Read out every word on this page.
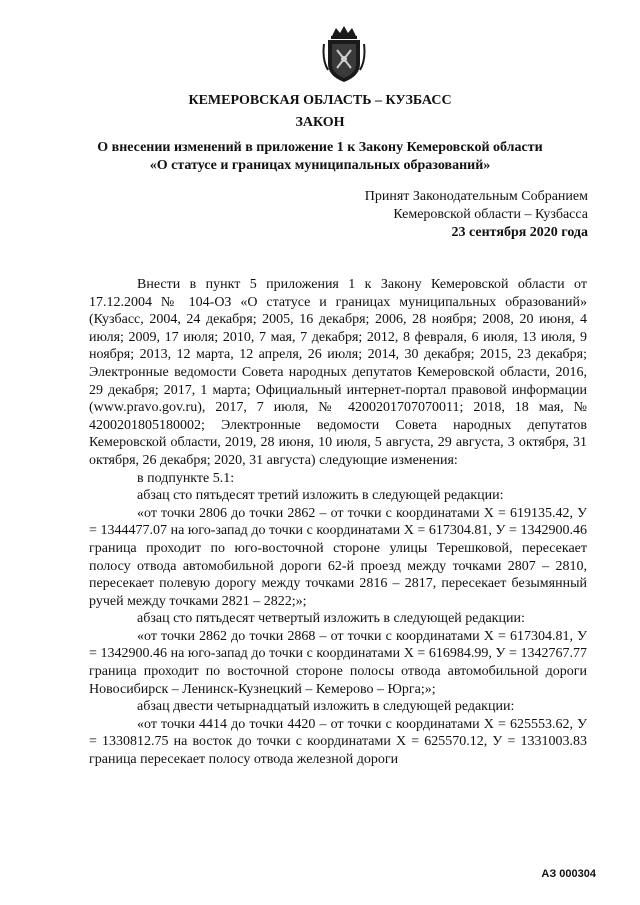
КЕМЕРОВСКАЯ ОБЛАСТЬ – КУЗБАСС
ЗАКОН
О внесении изменений в приложение 1 к Закону Кемеровской области
«О статусе и границах муниципальных образований»
Принят Законодательным Собранием
Кемеровской области – Кузбасса
23 сентября 2020 года

Внести в пункт 5 приложения 1 к Закону Кемеровской области от 17.12.2004 № 104-ОЗ «О статусе и границах муниципальных образований» (Кузбасс, 2004, 24 декабря; 2005, 16 декабря; 2006, 28 ноября; 2008, 20 июня, 4 июля; 2009, 17 июля; 2010, 7 мая, 7 декабря; 2012, 8 февраля, 6 июля, 13 июля, 9 ноября; 2013, 12 марта, 12 апреля, 26 июля; 2014, 30 декабря; 2015, 23 декабря; Электронные ведомости Совета народных депутатов Кемеровской области, 2016, 29 декабря; 2017, 1 марта; Официальный интернет-портал правовой информации (www.pravo.gov.ru), 2017, 7 июля, № 4200201707070011; 2018, 18 мая, № 4200201805180002; Электронные ведомости Совета народных депутатов Кемеровской области, 2019, 28 июня, 10 июля, 5 августа, 29 августа, 3 октября, 31 октября, 26 декабря; 2020, 31 августа) следующие изменения:

в подпункте 5.1:

абзац сто пятьдесят третий изложить в следующей редакции:

«от точки 2806 до точки 2862 – от точки с координатами X = 619135.42, У = 1344477.07 на юго-запад до точки с координатами X = 617304.81, У = 1342900.46 граница проходит по юго-восточной стороне улицы Терешковой, пересекает полосу отвода автомобильной дороги 62-й проезд между точками 2807 – 2810, пересекает полевую дорогу между точками 2816 – 2817, пересекает безымянный ручей между точками 2821 – 2822;»;

абзац сто пятьдесят четвертый изложить в следующей редакции:

«от точки 2862 до точки 2868 – от точки с координатами X = 617304.81, У = 1342900.46 на юго-запад до точки с координатами X = 616984.99, У = 1342767.77 граница проходит по восточной стороне полосы отвода автомобильной дороги Новосибирск – Ленинск-Кузнецкий – Кемерово – Юрга;»;

абзац двести четырнадцатый изложить в следующей редакции:

«от точки 4414 до точки 4420 – от точки с координатами X = 625553.62, У = 1330812.75 на восток до точки с координатами X = 625570.12, У = 1331003.83 граница пересекает полосу отвода железной дороги

АЗ 000304
